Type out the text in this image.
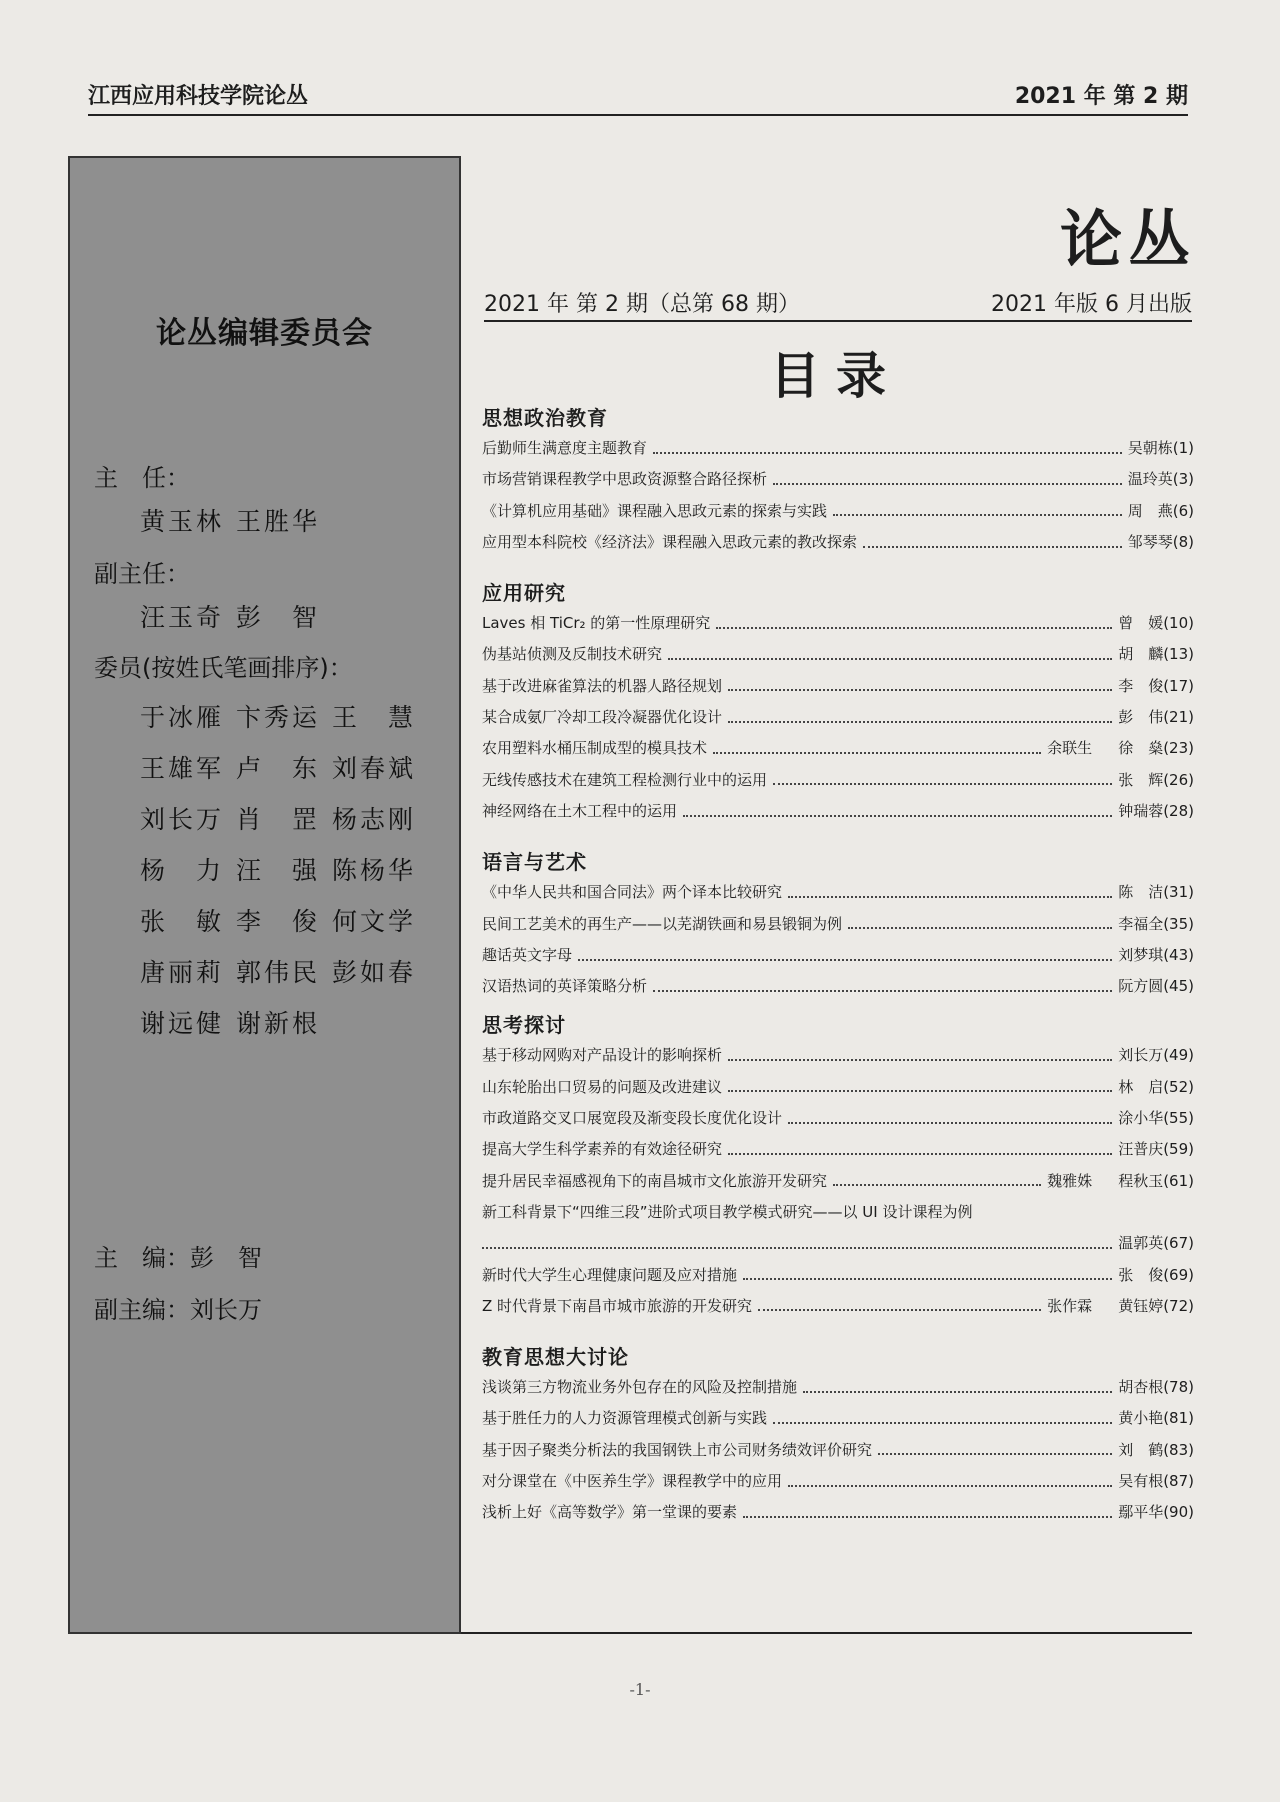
江西应用科技学院论丛	2021 年 第 2 期
论丛编辑委员会
主　任：
黄玉林 王胜华
副主任：
汪玉奇 彭　智
委员(按姓氏笔画排序)：
于冰雁 卞秀运 王　慧
王雄军 卢　东 刘春斌
刘长万 肖　罡 杨志刚
杨　力 汪　强 陈杨华
张　敏 李　俊 何文学
唐丽莉 郭伟民 彭如春
谢远健 谢新根
主　编：彭　智
副主编：刘长万
论丛
2021 年 第 2 期（总第 68 期）	2021 年版 6 月出版
目录
思想政治教育
后勤师生满意度主题教育	吴朝栋 (1)
市场营销课程教学中思政资源整合路径探析	温玲英 (3)
《计算机应用基础》课程融入思政元素的探索与实践	周　燕 (6)
应用型本科院校《经济法》课程融入思政元素的教改探索	邹琴琴 (8)
应用研究
Laves 相 TiCr₂ 的第一性原理研究	曾　媛 (10)
伪基站侦测及反制技术研究	胡　麟 (13)
基于改进麻雀算法的机器人路径规划	李　俊 (17)
某合成氨厂冷却工段冷凝器优化设计	彭　伟 (21)
农用塑料水桶压制成型的模具技术	余联生 徐　燊 (23)
无线传感技术在建筑工程检测行业中的运用	张　辉 (26)
神经网络在土木工程中的运用	钟瑞蓉 (28)
语言与艺术
《中华人民共和国合同法》两个译本比较研究	陈　洁 (31)
民间工艺美术的再生产——以芜湖铁画和易县锻铜为例	李福全 (35)
趣话英文字母	刘梦琪 (43)
汉语热词的英译策略分析	阮方圆 (45)
思考探讨
基于移动网购对产品设计的影响探析	刘长万 (49)
山东轮胎出口贸易的问题及改进建议	林　启 (52)
市政道路交叉口展宽段及渐变段长度优化设计	涂小华 (55)
提高大学生科学素养的有效途径研究	汪普庆 (59)
提升居民幸福感视角下的南昌城市文化旅游开发研究	魏雅姝 程秋玉 (61)
新工科背景下“四维三段”进阶式项目教学模式研究——以 UI 设计课程为例
温郭英 (67)
新时代大学生心理健康问题及应对措施	张　俊 (69)
Z 时代背景下南昌市城市旅游的开发研究	张作霖 黄钰婷 (72)
教育思想大讨论
浅谈第三方物流业务外包存在的风险及控制措施	胡杏根 (78)
基于胜任力的人力资源管理模式创新与实践	黄小艳 (81)
基于因子聚类分析法的我国钢铁上市公司财务绩效评价研究	刘　鹤 (83)
对分课堂在《中医养生学》课程教学中的应用	吴有根 (87)
浅析上好《高等数学》第一堂课的要素	鄢平华 (90)
-1-
